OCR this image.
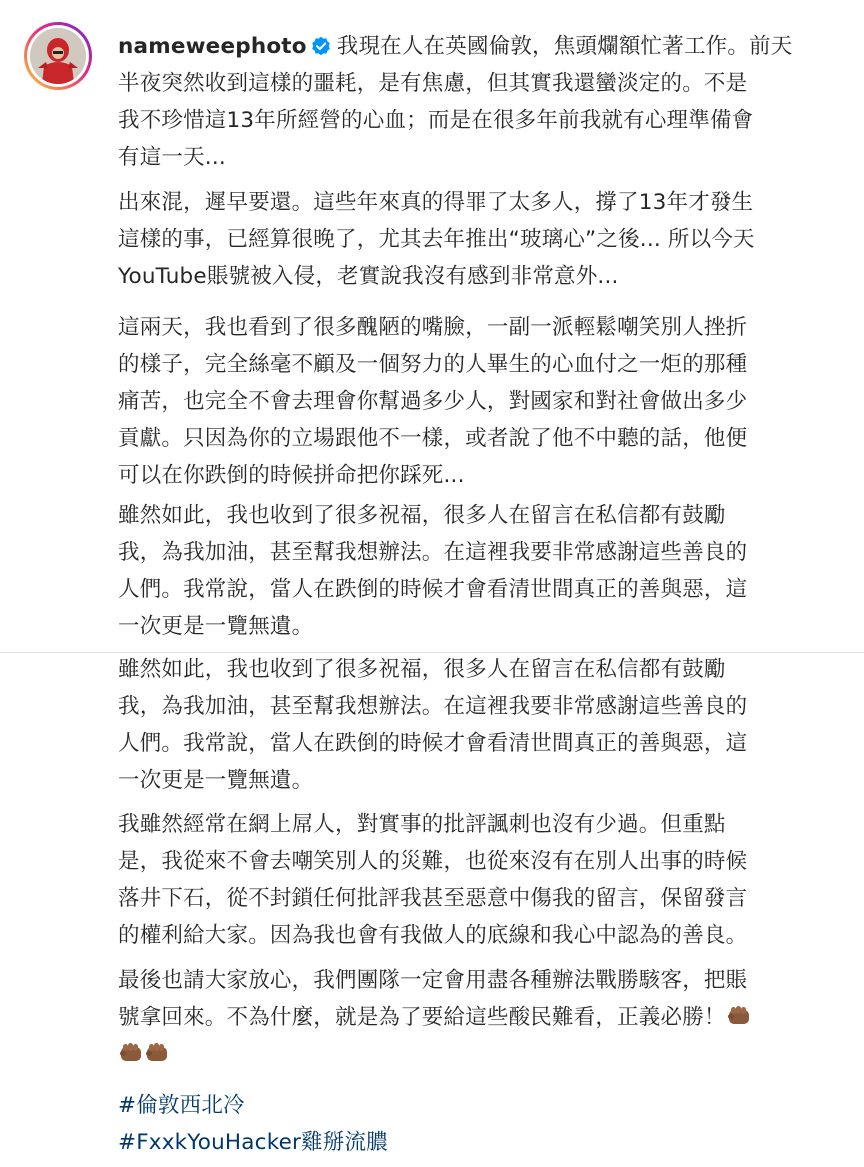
nameweephoto 我現在人在英國倫敦，焦頭爛額忙著工作。前天
半夜突然收到這樣的噩耗，是有焦慮，但其實我還蠻淡定的。不是
我不珍惜這13年所經營的心血；而是在很多年前我就有心理準備會
有這一天...
出來混，遲早要還。這些年來真的得罪了太多人，撐了13年才發生
這樣的事，已經算很晚了，尤其去年推出“玻璃心”之後... 所以今天
YouTube賬號被入侵，老實說我沒有感到非常意外...
這兩天，我也看到了很多醜陋的嘴臉，一副一派輕鬆嘲笑別人挫折
的樣子，完全絲毫不顧及一個努力的人畢生的心血付之一炬的那種
痛苦，也完全不會去理會你幫過多少人，對國家和對社會做出多少
貢獻。只因為你的立場跟他不一樣，或者說了他不中聽的話，他便
可以在你跌倒的時候拼命把你踩死...
雖然如此，我也收到了很多祝福，很多人在留言在私信都有鼓勵
我，為我加油，甚至幫我想辦法。在這裡我要非常感謝這些善良的
人們。我常說，當人在跌倒的時候才會看清世間真正的善與惡，這
一次更是一覽無遺。
雖然如此，我也收到了很多祝福，很多人在留言在私信都有鼓勵
我，為我加油，甚至幫我想辦法。在這裡我要非常感謝這些善良的
人們。我常說，當人在跌倒的時候才會看清世間真正的善與惡，這
一次更是一覽無遺。
我雖然經常在網上屌人，對實事的批評諷刺也沒有少過。但重點
是，我從來不會去嘲笑別人的災難，也從來沒有在別人出事的時候
落井下石，從不封鎖任何批評我甚至惡意中傷我的留言，保留發言
的權利給大家。因為我也會有我做人的底線和我心中認為的善良。
最後也請大家放心，我們團隊一定會用盡各種辦法戰勝駭客，把賬
號拿回來。不為什麼，就是為了要給這些酸民難看，正義必勝！
#倫敦西北冷
#FxxkYouHacker雞掰流膿
